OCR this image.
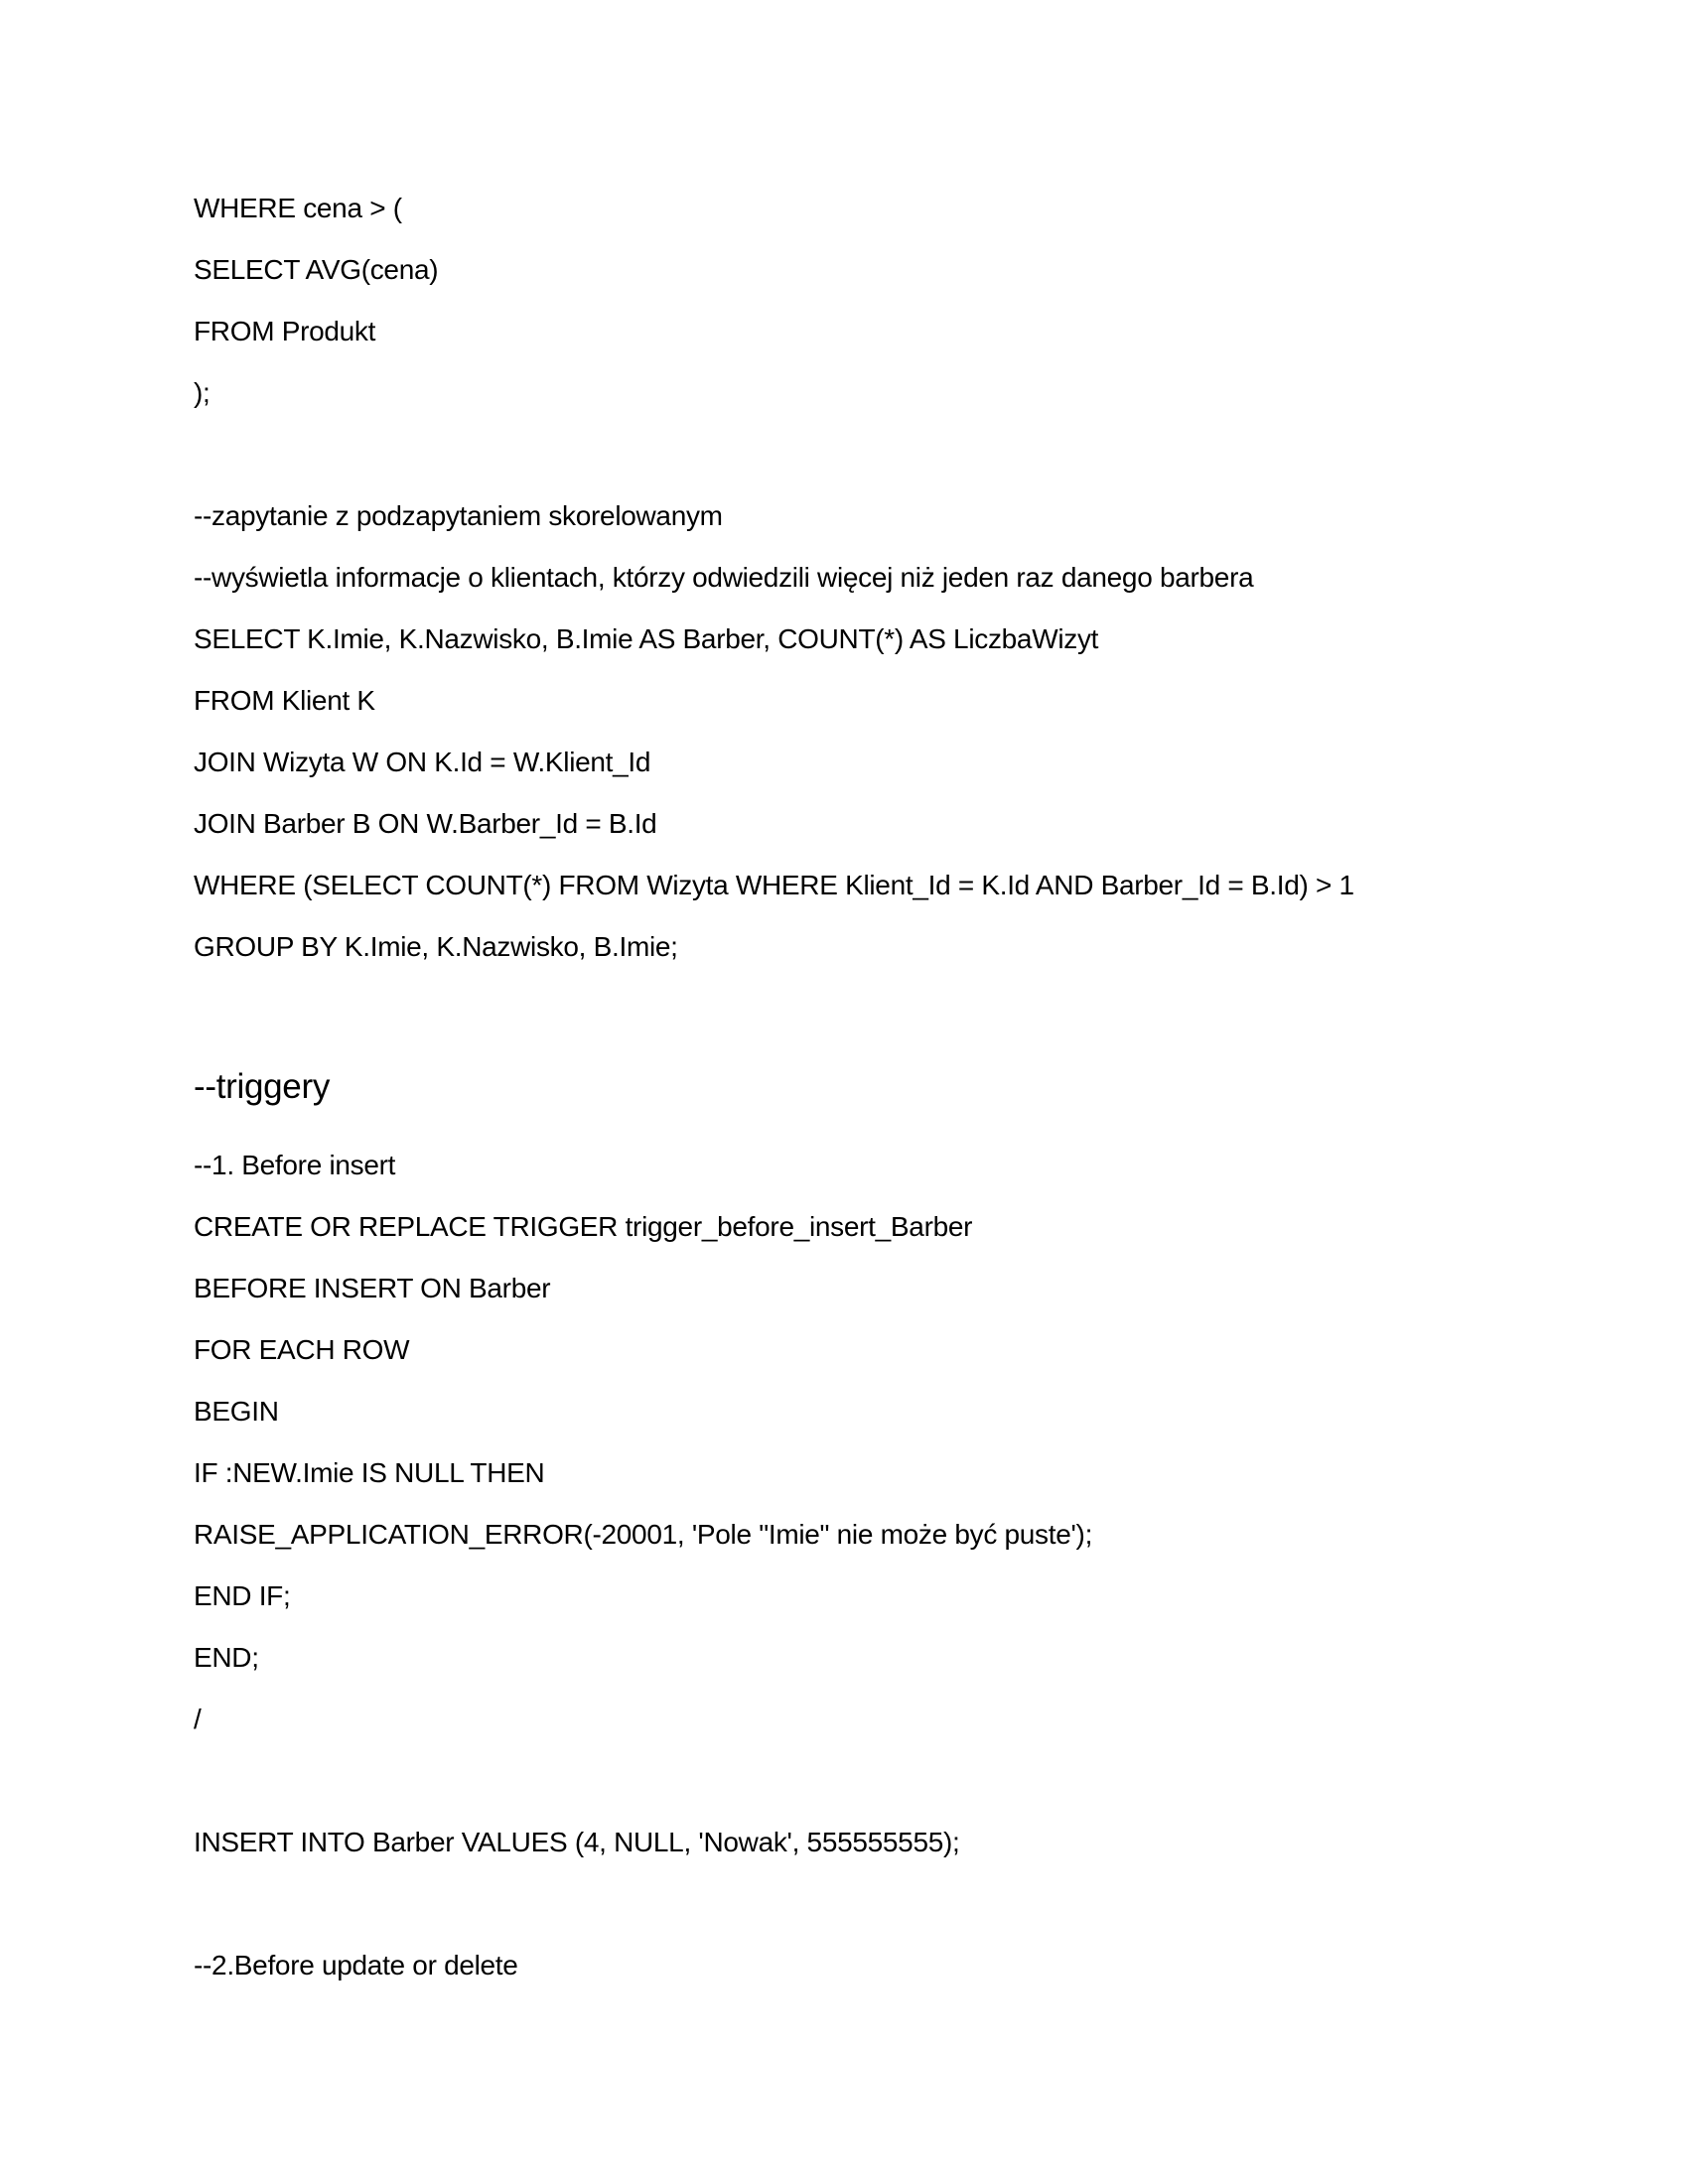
WHERE cena > (

SELECT AVG(cena)

FROM Produkt

);

--zapytanie z podzapytaniem skorelowanym

--wyświetla informacje o klientach, którzy odwiedzili więcej niż jeden raz danego barbera

SELECT K.Imie, K.Nazwisko, B.Imie AS Barber, COUNT(*) AS LiczbaWizyt

FROM Klient K

JOIN Wizyta W ON K.Id = W.Klient_Id

JOIN Barber B ON W.Barber_Id = B.Id

WHERE (SELECT COUNT(*) FROM Wizyta WHERE Klient_Id = K.Id AND Barber_Id = B.Id) > 1

GROUP BY K.Imie, K.Nazwisko, B.Imie;

--triggery

--1. Before insert

CREATE OR REPLACE TRIGGER trigger_before_insert_Barber

BEFORE INSERT ON Barber

FOR EACH ROW

BEGIN

IF :NEW.Imie IS NULL THEN

RAISE_APPLICATION_ERROR(-20001, 'Pole "Imie" nie może być puste');

END IF;

END;

/

INSERT INTO Barber VALUES (4, NULL, 'Nowak', 555555555);

--2.Before update or delete
